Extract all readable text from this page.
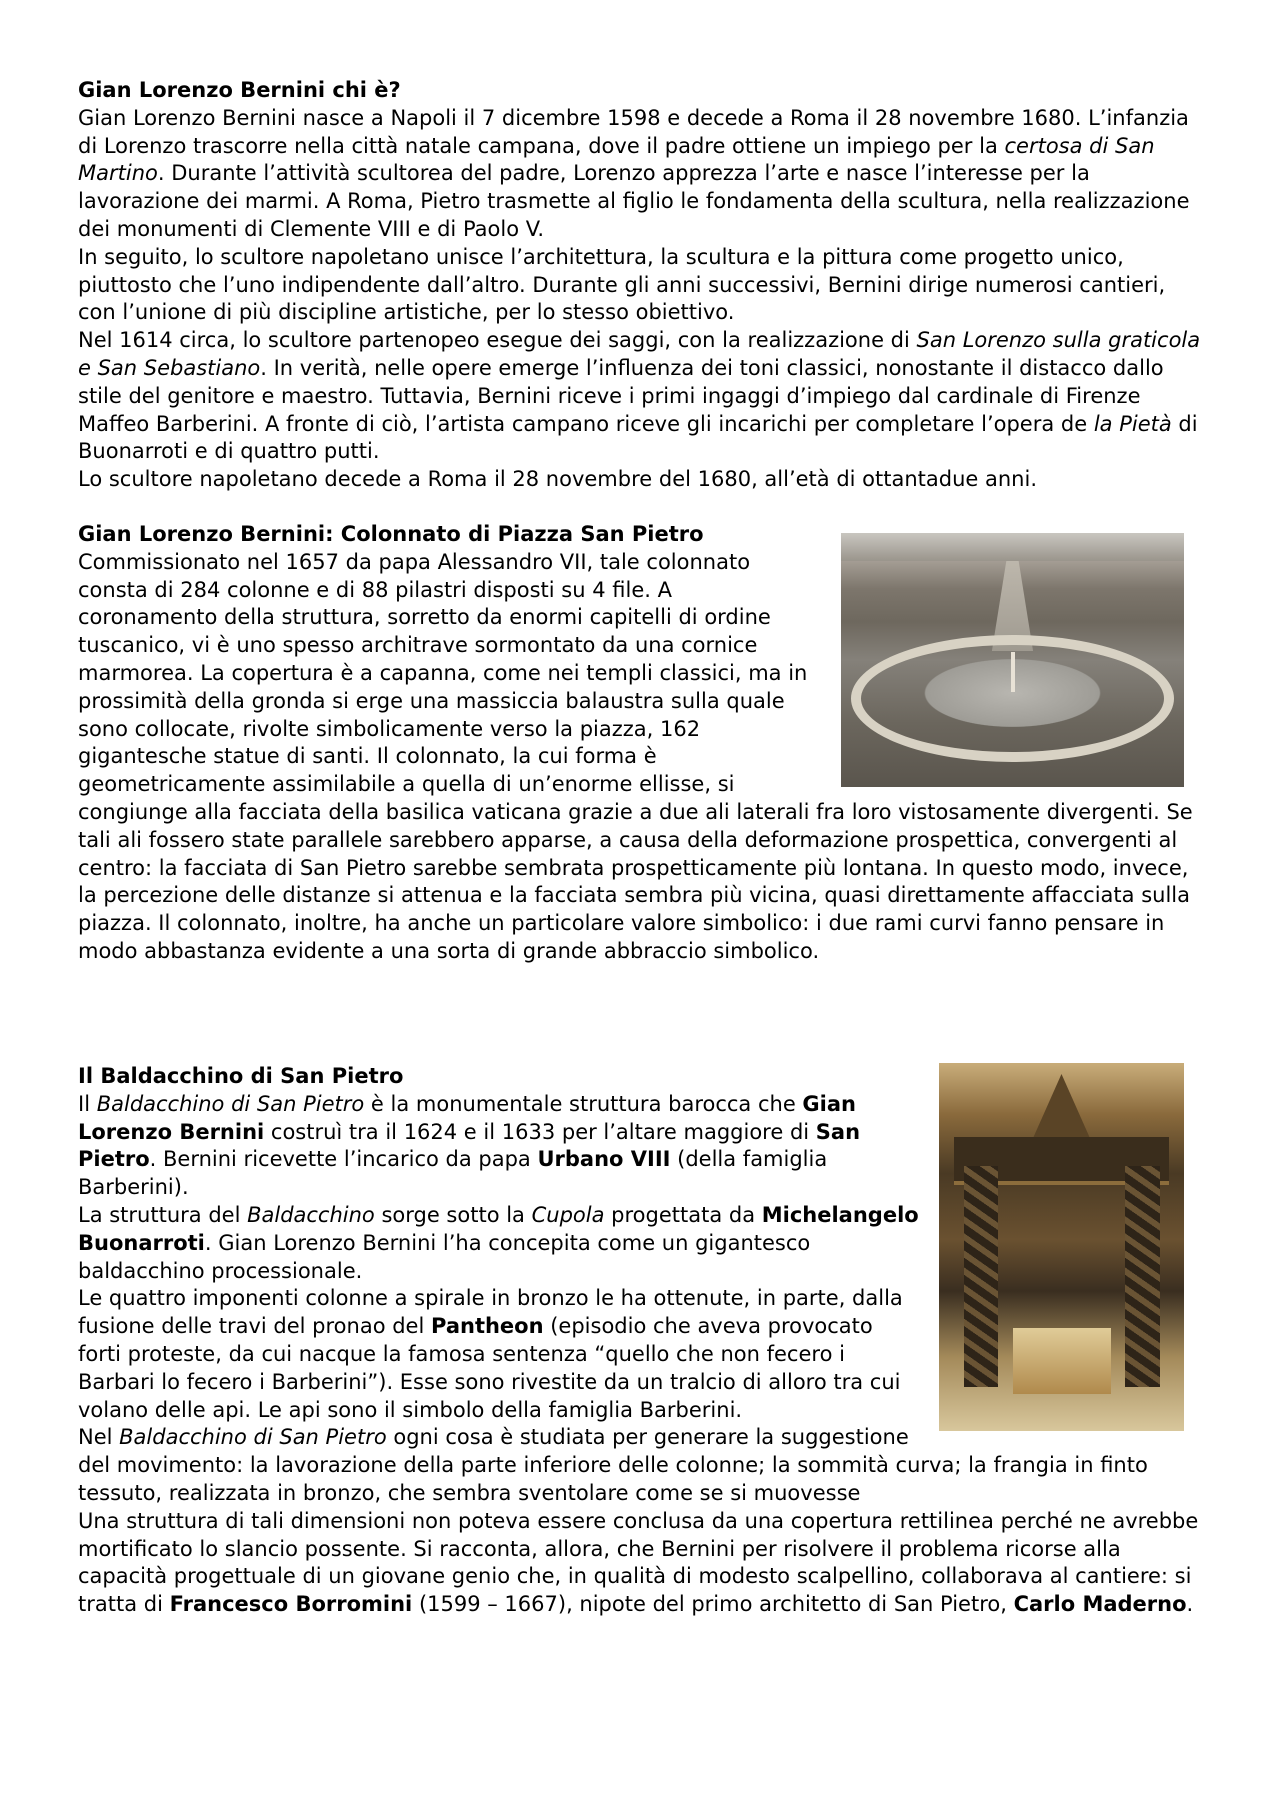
Gian Lorenzo Bernini chi è?

Gian Lorenzo Bernini nasce a Napoli il 7 dicembre 1598 e decede a Roma il 28 novembre 1680. L’infanzia di Lorenzo trascorre nella città natale campana, dove il padre ottiene un impiego per la certosa di San Martino. Durante l’attività scultorea del padre, Lorenzo apprezza l’arte e nasce l’interesse per la lavorazione dei marmi. A Roma, Pietro trasmette al figlio le fondamenta della scultura, nella realizzazione dei monumenti di Clemente VIII e di Paolo V.

In seguito, lo scultore napoletano unisce l’architettura, la scultura e la pittura come progetto unico, piuttosto che l’uno indipendente dall’altro. Durante gli anni successivi, Bernini dirige numerosi cantieri, con l’unione di più discipline artistiche, per lo stesso obiettivo.

Nel 1614 circa, lo scultore partenopeo esegue dei saggi, con la realizzazione di San Lorenzo sulla graticola e San Sebastiano. In verità, nelle opere emerge l’influenza dei toni classici, nonostante il distacco dallo stile del genitore e maestro. Tuttavia, Bernini riceve i primi ingaggi d’impiego dal cardinale di Firenze Maffeo Barberini. A fronte di ciò, l’artista campano riceve gli incarichi per completare l’opera de la Pietà di Buonarroti e di quattro putti.

Lo scultore napoletano decede a Roma il 28 novembre del 1680, all’età di ottantadue anni.

Gian Lorenzo Bernini: Colonnato di Piazza San Pietro

Commissionato nel 1657 da papa Alessandro VII, tale colonnato consta di 284 colonne e di 88 pilastri disposti su 4 file. A coronamento della struttura, sorretto da enormi capitelli di ordine tuscanico, vi è uno spesso architrave sormontato da una cornice marmorea. La copertura è a capanna, come nei templi classici, ma in prossimità della gronda si erge una massiccia balaustra sulla quale sono collocate, rivolte simbolicamente verso la piazza, 162 gigantesche statue di santi. Il colonnato, la cui forma è geometricamente assimilabile a quella di un’enorme ellisse, si congiunge alla facciata della basilica vaticana grazie a due ali laterali fra loro vistosamente divergenti. Se tali ali fossero state parallele sarebbero apparse, a causa della deformazione prospettica, convergenti al centro: la facciata di San Pietro sarebbe sembrata prospetticamente più lontana. In questo modo, invece, la percezione delle distanze si attenua e la facciata sembra più vicina, quasi direttamente affacciata sulla piazza. Il colonnato, inoltre, ha anche un particolare valore simbolico: i due rami curvi fanno pensare in modo abbastanza evidente a una sorta di grande abbraccio simbolico.

Il Baldacchino di San Pietro

Il Baldacchino di San Pietro è la monumentale struttura barocca che Gian Lorenzo Bernini costruì tra il 1624 e il 1633 per l’altare maggiore di San Pietro. Bernini ricevette l’incarico da papa Urbano VIII (della famiglia Barberini).

La struttura del Baldacchino sorge sotto la Cupola progettata da Michelangelo Buonarroti. Gian Lorenzo Bernini l’ha concepita come un gigantesco baldacchino processionale.

Le quattro imponenti colonne a spirale in bronzo le ha ottenute, in parte, dalla fusione delle travi del pronao del Pantheon (episodio che aveva provocato forti proteste, da cui nacque la famosa sentenza “quello che non fecero i Barbari lo fecero i Barberini”). Esse sono rivestite da un tralcio di alloro tra cui volano delle api. Le api sono il simbolo della famiglia Barberini.

Nel Baldacchino di San Pietro ogni cosa è studiata per generare la suggestione del movimento: la lavorazione della parte inferiore delle colonne; la sommità curva; la frangia in finto tessuto, realizzata in bronzo, che sembra sventolare come se si muovesse

Una struttura di tali dimensioni non poteva essere conclusa da una copertura rettilinea perché ne avrebbe mortificato lo slancio possente. Si racconta, allora, che Bernini per risolvere il problema ricorse alla capacità progettuale di un giovane genio che, in qualità di modesto scalpellino, collaborava al cantiere: si tratta di Francesco Borromini (1599 – 1667), nipote del primo architetto di San Pietro, Carlo Maderno.
